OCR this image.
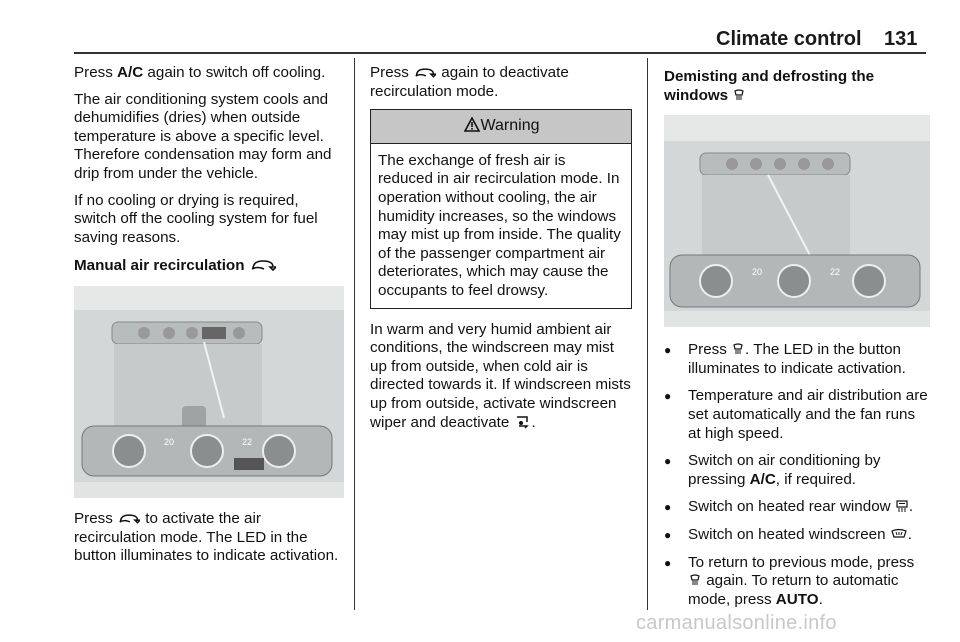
Climate control 131

Press A/C again to switch off cooling.

The air conditioning system cools and dehumidifies (dries) when outside temperature is above a specific level. Therefore condensation may form and drip from under the vehicle.

If no cooling or drying is required, switch off the cooling system for fuel saving reasons.

Manual air recirculation

20	22

Press  to activate the air recirculation mode. The LED in the button illuminates to indicate activation.

Press  again to deactivate recirculation mode.

Warning
The exchange of fresh air is reduced in air recirculation mode. In operation without cooling, the air humidity increases, so the windows may mist up from inside. The quality of the passenger compartment air deteriorates, which may cause the occupants to feel drowsy.

In warm and very humid ambient air conditions, the windscreen may mist up from outside, when cold air is directed towards it. If windscreen mists up from outside, activate windscreen wiper and deactivate .

Demisting and defrosting the windows

20	22
● Press . The LED in the button illuminates to indicate activation.
● Temperature and air distribution are set automatically and the fan runs at high speed.
● Switch on air conditioning by pressing A/C, if required.
● Switch on heated rear window .
● Switch on heated windscreen .
● To return to previous mode, press  again. To return to automatic mode, press AUTO.
carmanualsonline.info
